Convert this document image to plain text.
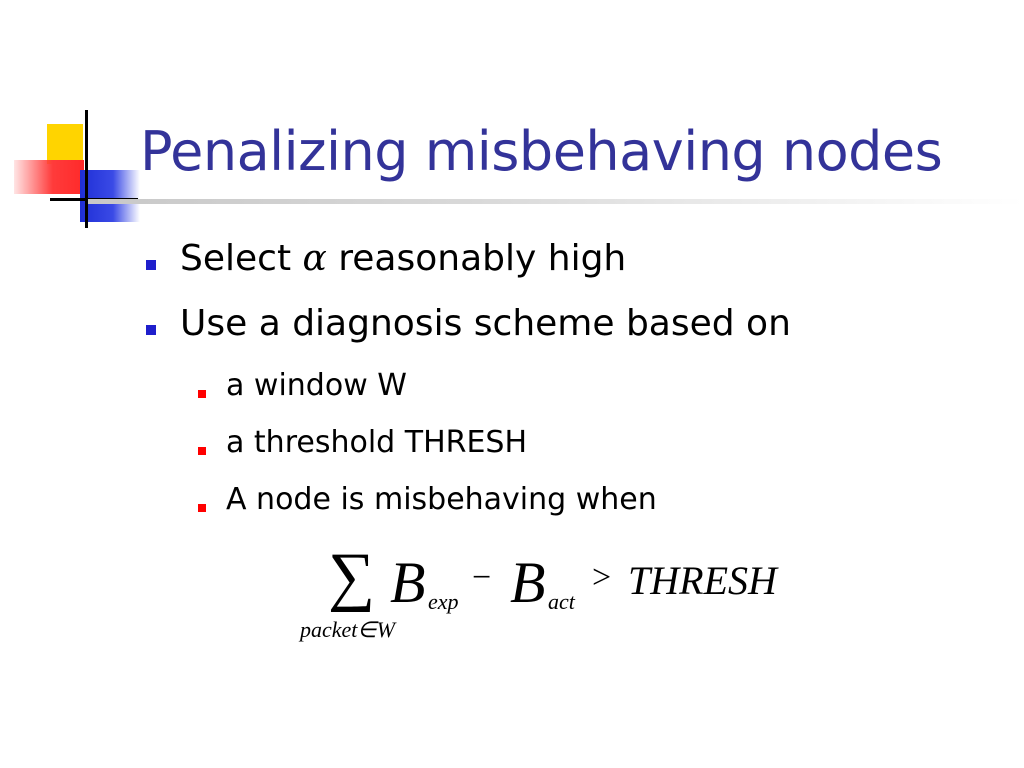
Penalizing misbehaving nodes
Select α reasonably high
Use a diagnosis scheme based on
a window W
a threshold THRESH
A node is misbehaving when
∑
packet∈W
B exp
− B act
> THRESH
